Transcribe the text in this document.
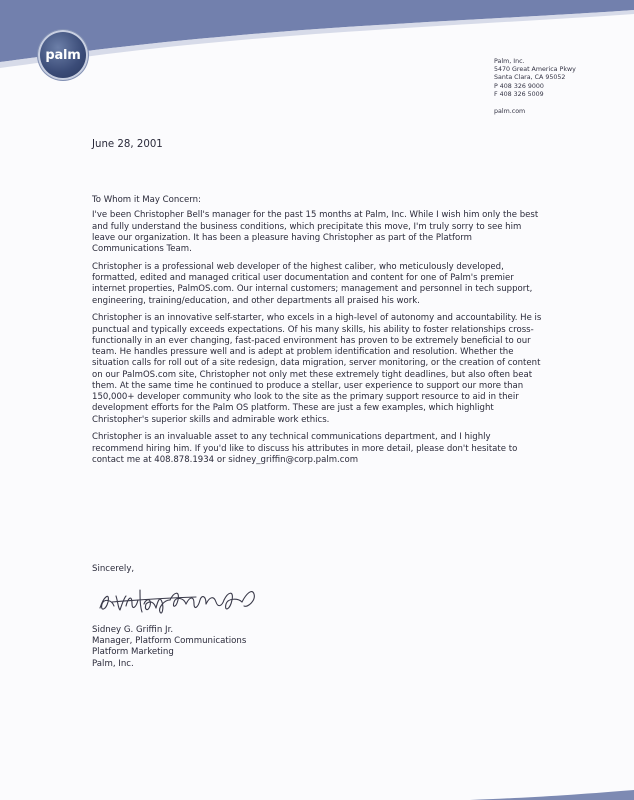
palm	Palm, Inc.
5470 Great America Pkwy
Santa Clara, CA 95052
P 408 326 9000
F 408 326 5009
palm.com
June 28, 2001

To Whom it May Concern:

I've been Christopher Bell's manager for the past 15 months at Palm, Inc. While I wish him only the best and fully understand the business conditions, which precipitate this move, I'm truly sorry to see him leave our organization. It has been a pleasure having Christopher as part of the Platform Communications Team.

Christopher is a professional web developer of the highest caliber, who meticulously developed, formatted, edited and managed critical user documentation and content for one of Palm's premier internet properties, PalmOS.com. Our internal customers; management and personnel in tech support, engineering, training/education, and other departments all praised his work.

Christopher is an innovative self-starter, who excels in a high-level of autonomy and accountability. He is punctual and typically exceeds expectations. Of his many skills, his ability to foster relationships cross-functionally in an ever changing, fast-paced environment has proven to be extremely beneficial to our team. He handles pressure well and is adept at problem identification and resolution. Whether the situation calls for roll out of a site redesign, data migration, server monitoring, or the creation of content on our PalmOS.com site, Christopher not only met these extremely tight deadlines, but also often beat them. At the same time he continued to produce a stellar, user experience to support our more than 150,000+ developer community who look to the site as the primary support resource to aid in their development efforts for the Palm OS platform. These are just a few examples, which highlight Christopher's superior skills and admirable work ethics.

Christopher is an invaluable asset to any technical communications department, and I highly recommend hiring him. If you'd like to discuss his attributes in more detail, please don't hesitate to contact me at 408.878.1934 or sidney_griffin@corp.palm.com

Sincerely,
Sidney G. Griffin Jr.
Manager, Platform Communications
Platform Marketing
Palm, Inc.
